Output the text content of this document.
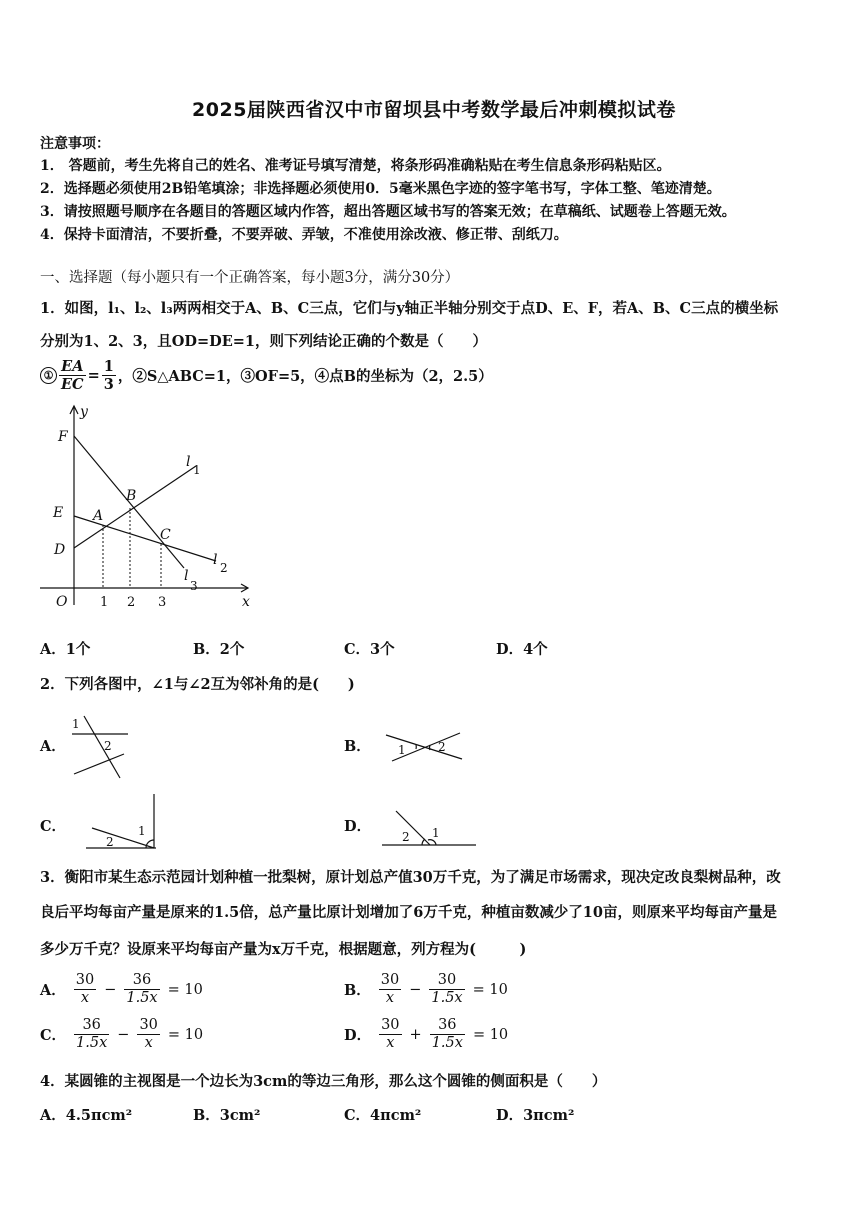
2025届陕西省汉中市留坝县中考数学最后冲刺模拟试卷
注意事项：
1． 答题前，考生先将自己的姓名、准考证号填写清楚，将条形码准确粘贴在考生信息条形码粘贴区。
2．选择题必须使用2B铅笔填涂；非选择题必须使用0．5毫米黑色字迹的签字笔书写，字体工整、笔迹清楚。
3．请按照题号顺序在各题目的答题区域内作答，超出答题区域书写的答案无效；在草稿纸、试题卷上答题无效。
4．保持卡面清洁，不要折叠，不要弄破、弄皱，不准使用涂改液、修正带、刮纸刀。
一、选择题（每小题只有一个正确答案，每小题3分，满分30分）
1．如图，l₁、l₂、l₃两两相交于A、B、C三点，它们与y轴正半轴分别交于点D、E、F，若A、B、C三点的横坐标
分别为1、2、3，且OD=DE=1，则下列结论正确的个数是（　　）
① $\frac{EA}{EC} = \frac{1}{3}$ ，②S△ABC=1，③OF=5，④点B的坐标为（2，2.5）
y
x
O
F
E
D
A
B
C
l 1
l 2
l
3
1 2 3
A．1个	B．2个	C．3个	D．4个
2．下列各图中，∠1与∠2互为邻补角的是(　　)
A．
1
2	B． 1	2
C．	1
2
D．
2 1
3．衡阳市某生态示范园计划种植一批梨树，原计划总产值30万千克，为了满足市场需求，现决定改良梨树品种，改
良后平均每亩产量是原来的1.5倍，总产量比原计划增加了6万千克，种植亩数减少了10亩，则原来平均每亩产量是
多少万千克？设原来平均每亩产量为x万千克，根据题意，列方程为(　　　)
A． $\frac{30}{x} - \frac{36}{1.5x} = 10$	B． $\frac{30}{x} - \frac{30}{1.5x} = 10$
C． $\frac{36}{1.5x} - \frac{30}{x} = 10$	D． $\frac{30}{x} + \frac{36}{1.5x} = 10$
4．某圆锥的主视图是一个边长为3cm的等边三角形，那么这个圆锥的侧面积是（　　）
A．4.5πcm²	B．3cm²	C．4πcm²	D．3πcm²
